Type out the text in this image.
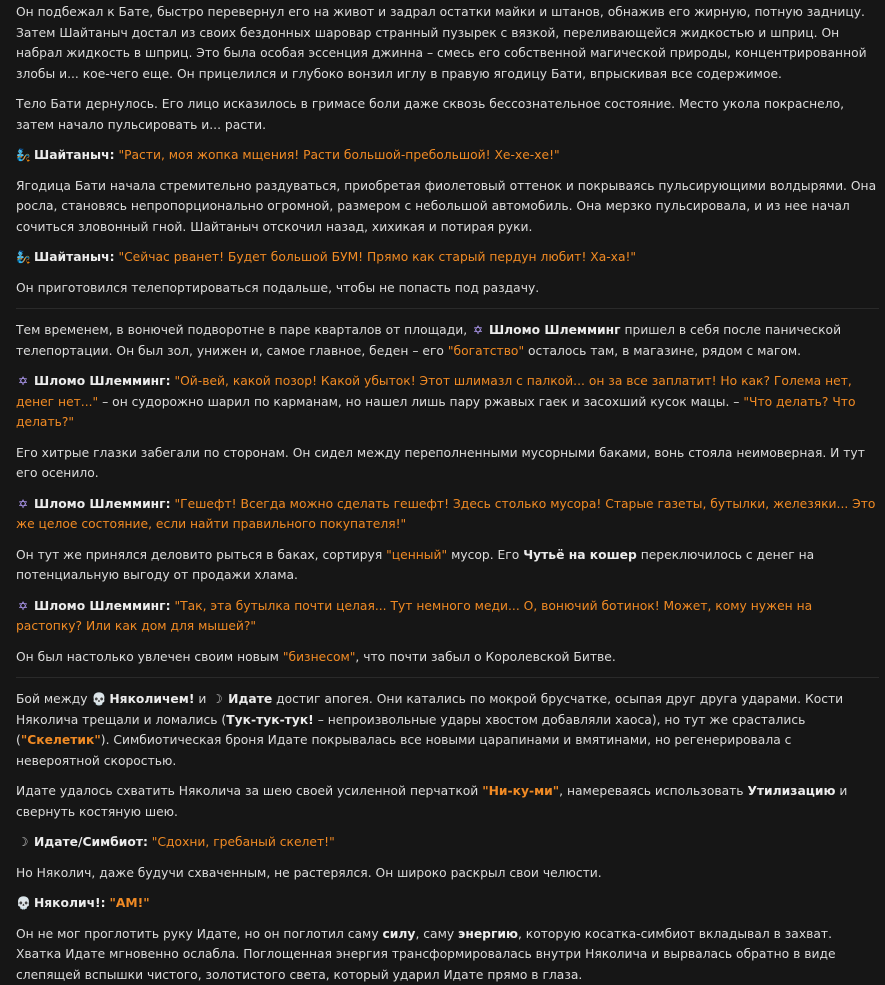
Он подбежал к Бате, быстро перевернул его на живот и задрал остатки майки и штанов, обнажив его жирную, потную задницу. Затем Шайтаныч достал из своих бездонных шаровар странный пузырек с вязкой, переливающейся жидкостью и шприц. Он набрал жидкость в шприц. Это была особая эссенция джинна – смесь его собственной магической природы, концентрированной злобы и... кое-чего еще. Он прицелился и глубоко вонзил иглу в правую ягодицу Бати, впрыскивая все содержимое.
Тело Бати дернулось. Его лицо исказилось в гримасе боли даже сквозь бессознательное состояние. Место укола покраснело, затем начало пульсировать и... расти.
🧞 Шайтаныч: "Расти, моя жопка мщения! Расти большой-пребольшой! Хе-хе-хе!"
Ягодица Бати начала стремительно раздуваться, приобретая фиолетовый оттенок и покрываясь пульсирующими волдырями. Она росла, становясь непропорционально огромной, размером с небольшой автомобиль. Она мерзко пульсировала, и из нее начал сочиться зловонный гной. Шайтаныч отскочил назад, хихикая и потирая руки.
🧞 Шайтаныч: "Сейчас рванет! Будет большой БУМ! Прямо как старый пердун любит! Ха-ха!"
Он приготовился телепортироваться подальше, чтобы не попасть под раздачу.
Тем временем, в вонючей подворотне в паре кварталов от площади, ✡ Шломо Шлемминг пришел в себя после панической телепортации. Он был зол, унижен и, самое главное, беден – его "богатство" осталось там, в магазине, рядом с магом.
✡ Шломо Шлемминг: "Ой-вей, какой позор! Какой убыток! Этот шлимазл с палкой... он за все заплатит! Но как? Голема нет, денег нет..." – он судорожно шарил по карманам, но нашел лишь пару ржавых гаек и засохший кусок мацы. – "Что делать? Что делать?"
Его хитрые глазки забегали по сторонам. Он сидел между переполненными мусорными баками, вонь стояла неимоверная. И тут его осенило.
✡ Шломо Шлемминг: "Гешефт! Всегда можно сделать гешефт! Здесь столько мусора! Старые газеты, бутылки, железяки... Это же целое состояние, если найти правильного покупателя!"
Он тут же принялся деловито рыться в баках, сортируя "ценный" мусор. Его Чутьё на кошер переключилось с денег на потенциальную выгоду от продажи хлама.
✡ Шломо Шлемминг: "Так, эта бутылка почти целая... Тут немного меди... О, вонючий ботинок! Может, кому нужен на растопку? Или как дом для мышей?"
Он был настолько увлечен своим новым "бизнесом", что почти забыл о Королевской Битве.
Бой между 💀 Няколичем! и ☽ Идате достиг апогея. Они катались по мокрой брусчатке, осыпая друг друга ударами. Кости Няколича трещали и ломались (Тук-тук-тук! – непроизвольные удары хвостом добавляли хаоса), но тут же срастались ("Скелетик"). Симбиотическая броня Идате покрывалась все новыми царапинами и вмятинами, но регенерировала с невероятной скоростью.
Идате удалось схватить Няколича за шею своей усиленной перчаткой "Ни-ку-ми", намереваясь использовать Утилизацию и свернуть костяную шею.
☽ Идате/Симбиот: "Сдохни, гребаный скелет!"
Но Няколич, даже будучи схваченным, не растерялся. Он широко раскрыл свои челюсти.
💀 Няколич!: "АМ!"
Он не мог проглотить руку Идате, но он поглотил саму силу, саму энергию, которую косатка-симбиот вкладывал в захват. Хватка Идате мгновенно ослабла. Поглощенная энергия трансформировалась внутри Няколича и вырвалась обратно в виде слепящей вспышки чистого, золотистого света, который ударил Идате прямо в глаза.
